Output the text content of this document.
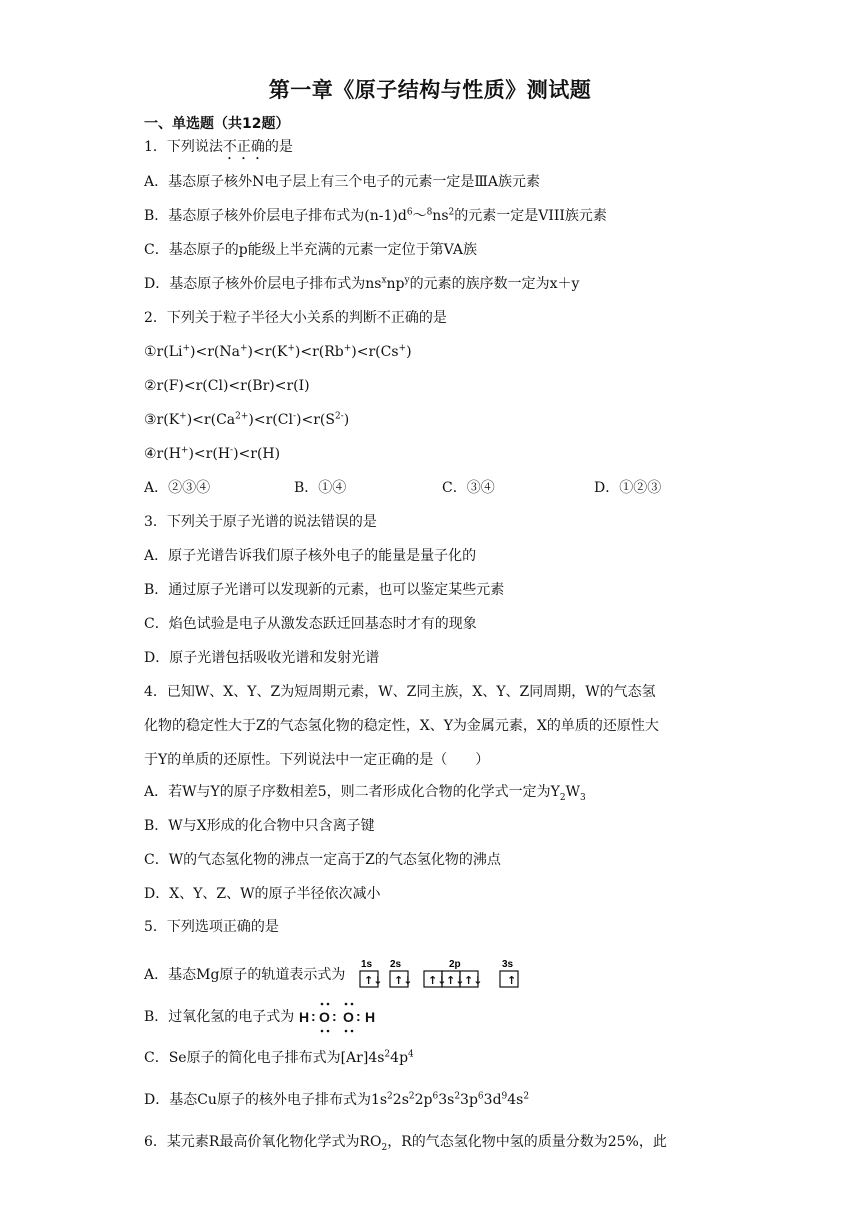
第一章《原子结构与性质》测试题
一、单选题（共12题）
1．下列说法不正确的是
A．基态原子核外N电子层上有三个电子的元素一定是ⅢA族元素
B．基态原子核外价层电子排布式为$(n-1)d^6\sim^8ns^2$的元素一定是VIII族元素
C．基态原子的p能级上半充满的元素一定位于第VA族
D．基态原子核外价层电子排布式为$ns^xnp^y$的元素的族序数一定为x＋y
2．下列关于粒子半径大小关系的判断不正确的是
①r(Li+)<r(Na+)<r(K+)<r(Rb+)<r(Cs+)
②r(F)<r(Cl)<r(Br)<r(I)
$③r(K^+)<r(Ca^{2+})<r(Cl^-)<r(S^{2-})$
④r(H+)<r(H-)<r(H)
A．②③④	B．①④	C．③④	D．①②③
3．下列关于原子光谱的说法错误的是
A．原子光谱告诉我们原子核外电子的能量是量子化的
B．通过原子光谱可以发现新的元素，也可以鉴定某些元素
C．焰色试验是电子从激发态跃迁回基态时才有的现象
D．原子光谱包括吸收光谱和发射光谱
4．已知W、X、Y、Z为短周期元素，W、Z同主族，X、Y、Z同周期，W的气态氢
化物的稳定性大于Z的气态氢化物的稳定性，X、Y为金属元素，X的单质的还原性大
于Y的单质的还原性。下列说法中一定正确的是（　　）
A．若W与Y的原子序数相差5，则二者形成化合物的化学式一定为$Y_2W_3$
B．W与X形成的化合物中只含离子键
C．W的气态氢化物的沸点一定高于Z的气态氢化物的沸点
D．X、Y、Z、W的原子半径依次减小
5．下列选项正确的是
A．基态Mg原子的轨道表示式为
1s 2s	2p	3s
↑↓ ↑↓ ↑↓ ↑↓ ↑↓ ↑
B．过氧化氢的电子式为 H : O : O : H
C．Se原子的简化电子排布式为$[Ar]4s^24p^4$
D．基态Cu原子的核外电子排布式为$1s^22s^22p^63s^23p^63d^94s^2$
6．某元素R最高价氧化物化学式为$RO_2$，R的气态氢化物中氢的质量分数为25%，此
